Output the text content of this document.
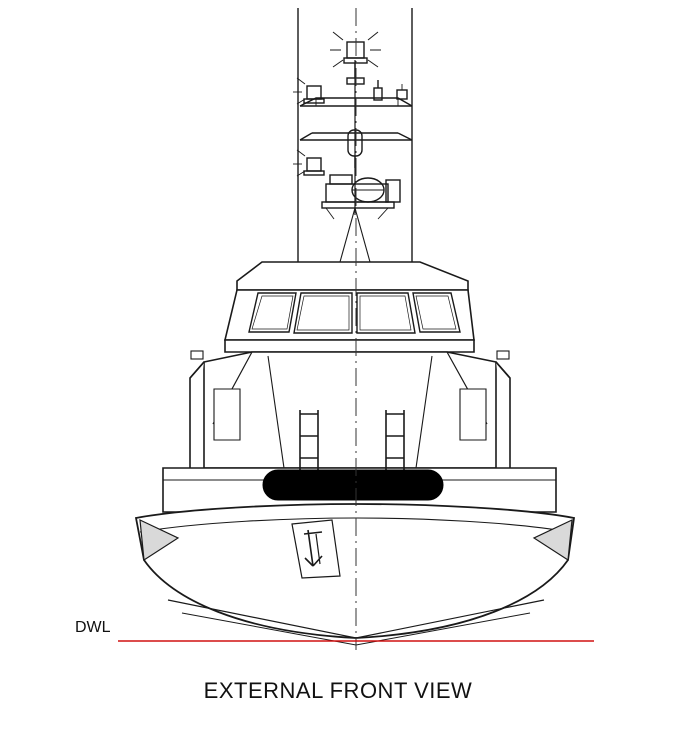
DWL
EXTERNAL FRONT VIEW
